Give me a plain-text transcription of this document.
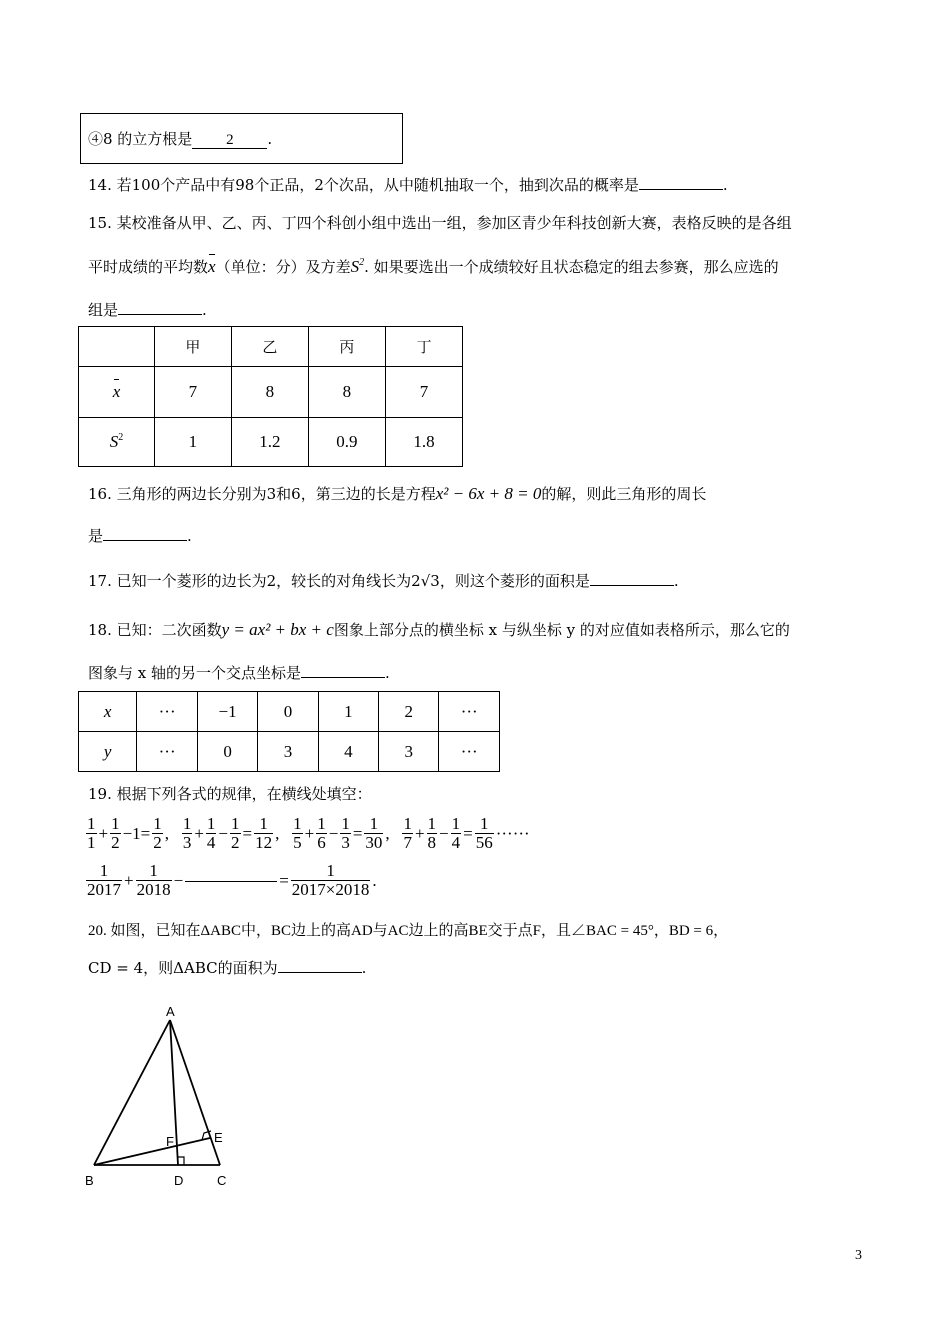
④8 的立方根是 2 .
14. 若100个产品中有98个正品，2个次品，从中随机抽取一个，抽到次品的概率是	.
15. 某校准备从甲、乙、丙、丁四个科创小组中选出一组，参加区青少年科技创新大赛，表格反映的是各组
平时成绩的平均数x（单位：分）及方差$S^2$. 如果要选出一个成绩较好且状态稳定的组去参赛，那么应选的
组是	.
	甲	乙	丙	丁
x	7	8	8	7
$S^2$	1	1.2	0.9	1.8
16. 三角形的两边长分别为3和6，第三边的长是方程x² − 6x + 8 = 0的解，则此三角形的周长
是	.
17. 已知一个菱形的边长为2，较长的对角线长为2√3，则这个菱形的面积是	.
18. 已知：二次函数y = ax² + bx + c图象上部分点的横坐标 x 与纵坐标 y 的对应值如表格所示，那么它的
图象与 x 轴的另一个交点坐标是	.
x	···	−1	0	1	2	···
y	···	0	3	4	3	···
19. 根据下列各式的规律，在横线处填空：
$\frac{1}{1} + \frac{1}{2} -1= \frac{1}{2}$ , $\frac{1}{3} + \frac{1}{4} - \frac{1}{2} = \frac{1}{12}$ , $\frac{1}{5} + \frac{1}{6} - \frac{1}{3} = \frac{1}{30}$ , $\frac{1}{7} + \frac{1}{8} - \frac{1}{4} = \frac{1}{56}$ ······
$\frac{1}{2017} + \frac{1}{2018}$ −	= $\frac{1}{2017\times 2018}$ .
20. 如图，已知在ΔABC中，BC边上的高AD与AC边上的高BE交于点F，且∠BAC = 45°，BD = 6，
CD = 4，则ΔABC的面积为	.
A
B	C
D
E
F
3
